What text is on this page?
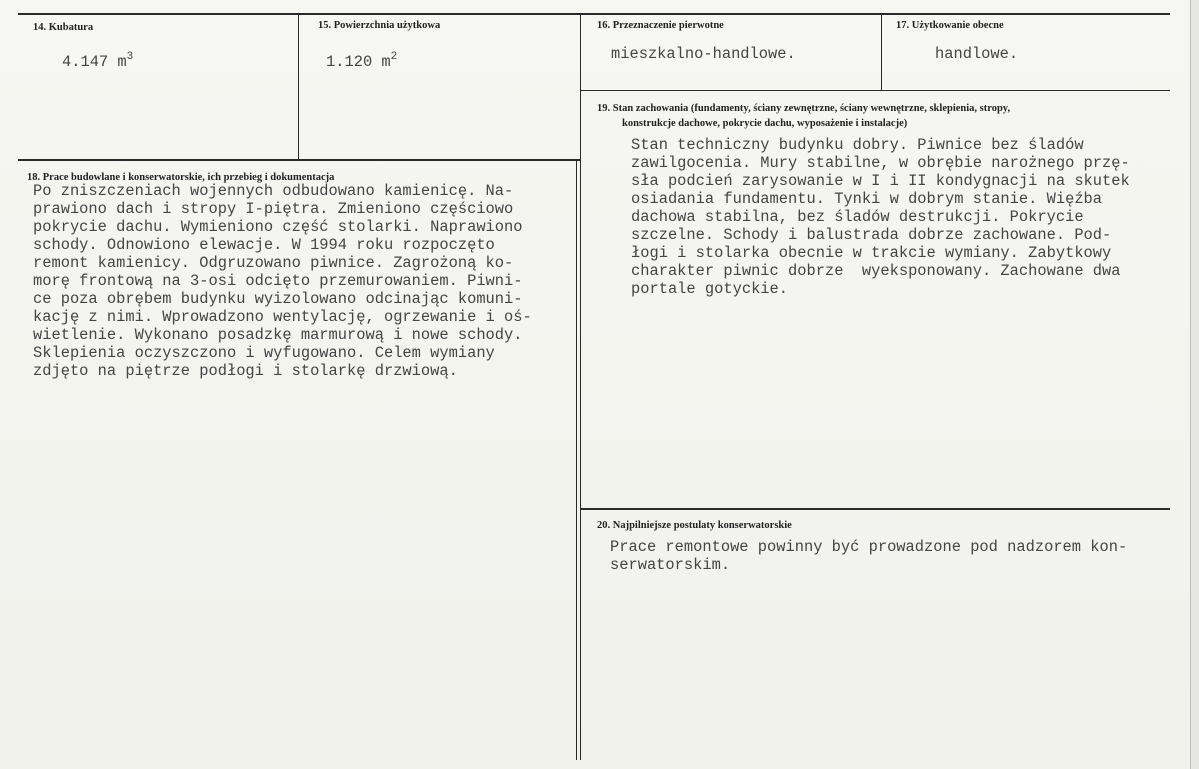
14. Kubatura
4.147 $m^3$
15. Powierzchnia użytkowa
1.120 $m^2$
16. Przeznaczenie pierwotne
mieszkalno-handlowe.
17. Użytkowanie obecne
handlowe.
19. Stan zachowania (fundamenty, ściany zewnętrzne, ściany wewnętrzne, sklepienia, stropy,
konstrukcje dachowe, pokrycie dachu, wyposażenie i instalacje)
Stan techniczny budynku dobry. Piwnice bez śladów
zawilgocenia. Mury stabilne, w obrębie narożnego przę-
sła podcień zarysowanie w I i II kondygnacji na skutek
osiadania fundamentu. Tynki w dobrym stanie. Więźba
dachowa stabilna, bez śladów destrukcji. Pokrycie
szczelne. Schody i balustrada dobrze zachowane. Pod-
łogi i stolarka obecnie w trakcie wymiany. Zabytkowy
charakter piwnic dobrze  wyeksponowany. Zachowane dwa
portale gotyckie.
18. Prace budowlane i konserwatorskie, ich przebieg i dokumentacja
Po zniszczeniach wojennych odbudowano kamienicę. Na-
prawiono dach i stropy I-piętra. Zmieniono częściowo
pokrycie dachu. Wymieniono część stolarki. Naprawiono
schody. Odnowiono elewacje. W 1994 roku rozpoczęto
remont kamienicy. Odgruzowano piwnice. Zagrożoną ko-
morę frontową na 3-osi odcięto przemurowaniem. Piwni-
ce poza obrębem budynku wyizolowano odcinając komuni-
kację z nimi. Wprowadzono wentylację, ogrzewanie i oś-
wietlenie. Wykonano posadzkę marmurową i nowe schody.
Sklepienia oczyszczono i wyfugowano. Celem wymiany
zdjęto na piętrze podłogi i stolarkę drzwiową.
20. Najpilniejsze postulaty konserwatorskie
Prace remontowe powinny być prowadzone pod nadzorem kon-
serwatorskim.
